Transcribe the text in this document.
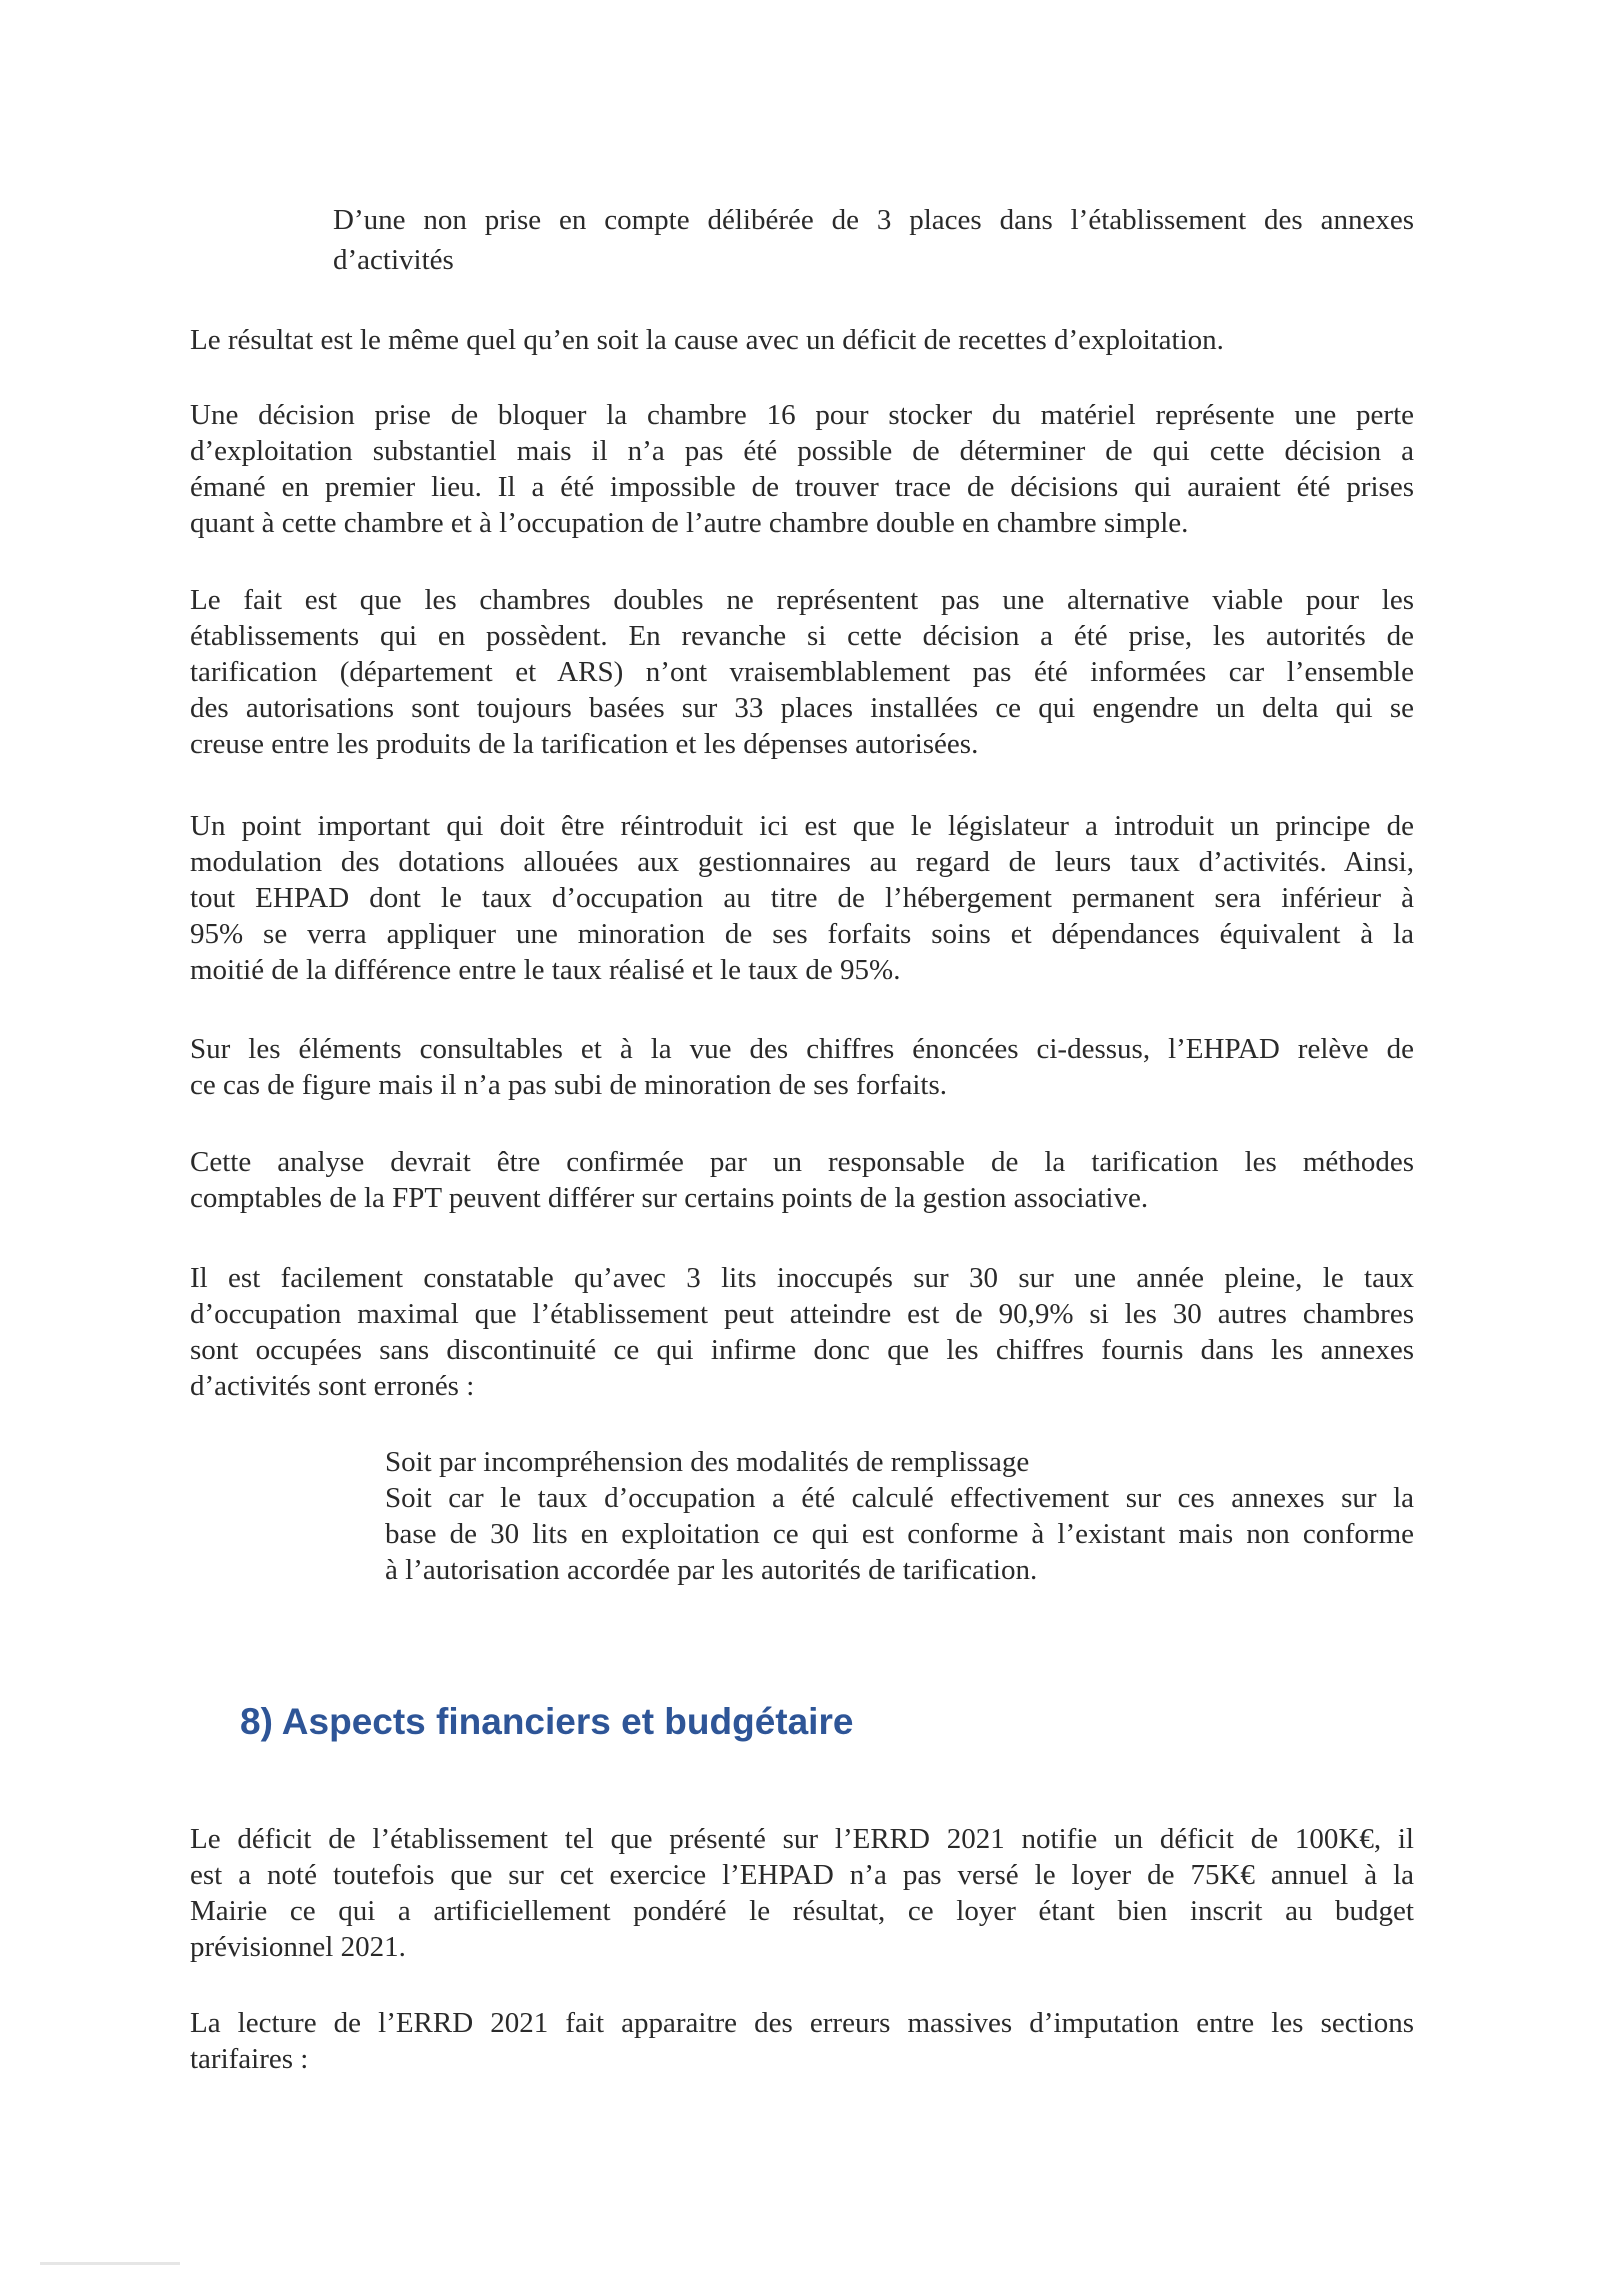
D’une non prise en compte délibérée de 3 places dans l’établissement des annexes
d’activités
Le résultat est le même quel qu’en soit la cause avec un déficit de recettes d’exploitation.
Une décision prise de bloquer la chambre 16 pour stocker du matériel représente une perte
d’exploitation substantiel mais il n’a pas été possible de déterminer de qui cette décision a
émané en premier lieu. Il a été impossible de trouver trace de décisions qui auraient été prises
quant à cette chambre et à l’occupation de l’autre chambre double en chambre simple.
Le fait est que les chambres doubles ne représentent pas une alternative viable pour les
établissements qui en possèdent. En revanche si cette décision a été prise, les autorités de
tarification (département et ARS) n’ont vraisemblablement pas été informées car l’ensemble
des autorisations sont toujours basées sur 33 places installées ce qui engendre un delta qui se
creuse entre les produits de la tarification et les dépenses autorisées.
Un point important qui doit être réintroduit ici est que le législateur a introduit un principe de
modulation des dotations allouées aux gestionnaires au regard de leurs taux d’activités. Ainsi,
tout EHPAD dont le taux d’occupation au titre de l’hébergement permanent sera inférieur à
95% se verra appliquer une minoration de ses forfaits soins et dépendances équivalent à la
moitié de la différence entre le taux réalisé et le taux de 95%.
Sur les éléments consultables et à la vue des chiffres énoncées ci-dessus, l’EHPAD relève de
ce cas de figure mais il n’a pas subi de minoration de ses forfaits.
Cette analyse devrait être confirmée par un responsable de la tarification les méthodes
comptables de la FPT peuvent différer sur certains points de la gestion associative.
Il est facilement constatable qu’avec 3 lits inoccupés sur 30 sur une année pleine, le taux
d’occupation maximal que l’établissement peut atteindre est de 90,9% si les 30 autres chambres
sont occupées sans discontinuité ce qui infirme donc que les chiffres fournis dans les annexes
d’activités sont erronés :
Soit par incompréhension des modalités de remplissage
Soit car le taux d’occupation a été calculé effectivement sur ces annexes sur la
base de 30 lits en exploitation ce qui est conforme à l’existant mais non conforme
à l’autorisation accordée par les autorités de tarification.
8) Aspects financiers et budgétaire
Le déficit de l’établissement tel que présenté sur l’ERRD 2021 notifie un déficit de 100K€, il
est a noté toutefois que sur cet exercice l’EHPAD n’a pas versé le loyer de 75K€ annuel à la
Mairie ce qui a artificiellement pondéré le résultat, ce loyer étant bien inscrit au budget
prévisionnel 2021.
La lecture de l’ERRD 2021 fait apparaitre des erreurs massives d’imputation entre les sections
tarifaires :
